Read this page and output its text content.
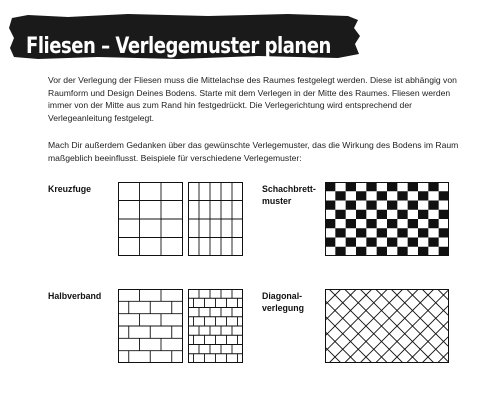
Fliesen – Verlegemuster planen

Vor der Verlegung der Fliesen muss die Mittelachse des Raumes festgelegt werden. Diese ist abhängig von Raumform und Design Deines Bodens. Starte mit dem Verlegen in der Mitte des Raumes. Fliesen werden immer von der Mitte aus zum Rand hin festgedrückt. Die Verlegerichtung wird entsprechend der Verlegeanleitung festgelegt.

Mach Dir außerdem Gedanken über das gewünschte Verlegemuster, das die Wirkung des Bodens im Raum maßgeblich beeinflusst. Beispiele für verschiedene Verlegemuster:

Kreuzfuge	Schachbrett-
muster
Halbverband	Diagonal-
verlegung
